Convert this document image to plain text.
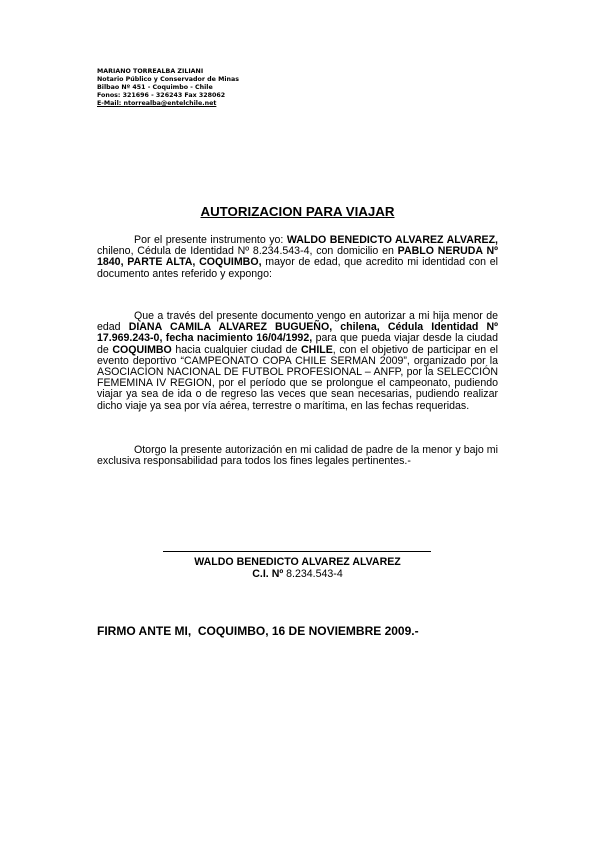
MARIANO TORREALBA ZILIANI
Notario Público y Conservador de Minas
Bilbao Nº 451 - Coquimbo - Chile
Fonos: 321696 - 326243 Fax 328062
E-Mail: ntorrealba@entelchile.net
AUTORIZACION PARA VIAJAR
Por el presente instrumento yo: WALDO BENEDICTO ALVAREZ ALVAREZ, chileno, Cédula de Identidad Nº 8.234.543-4, con domicilio en PABLO NERUDA Nº 1840, PARTE ALTA, COQUIMBO, mayor de edad, que acredito mi identidad con el documento antes referido y expongo:
Que a través del presente documento vengo en autorizar a mi hija menor de edad DIANA CAMILA ALVAREZ BUGUEÑO, chilena, Cédula Identidad Nº 17.969.243-0, fecha nacimiento 16/04/1992, para que pueda viajar desde la ciudad de COQUIMBO hacia cualquier ciudad de CHILE, con el objetivo de participar en el evento deportivo “CAMPEONATO COPA CHILE SERMAN 2009”, organizado por la ASOCIACION NACIONAL DE FUTBOL PROFESIONAL – ANFP, por la SELECCIÓN FEMEMINA IV REGION, por el período que se prolongue el campeonato, pudiendo viajar ya sea de ida o de regreso las veces que sean necesarias, pudiendo realizar dicho viaje ya sea por vía aérea, terrestre o marítima, en las fechas requeridas.
Otorgo la presente autorización en mi calidad de padre de la menor y bajo mi exclusiva responsabilidad para todos los fines legales pertinentes.-
WALDO BENEDICTO ALVAREZ ALVAREZ
C.I. Nº 8.234.543-4
FIRMO ANTE MI,  COQUIMBO, 16 DE NOVIEMBRE 2009.-
